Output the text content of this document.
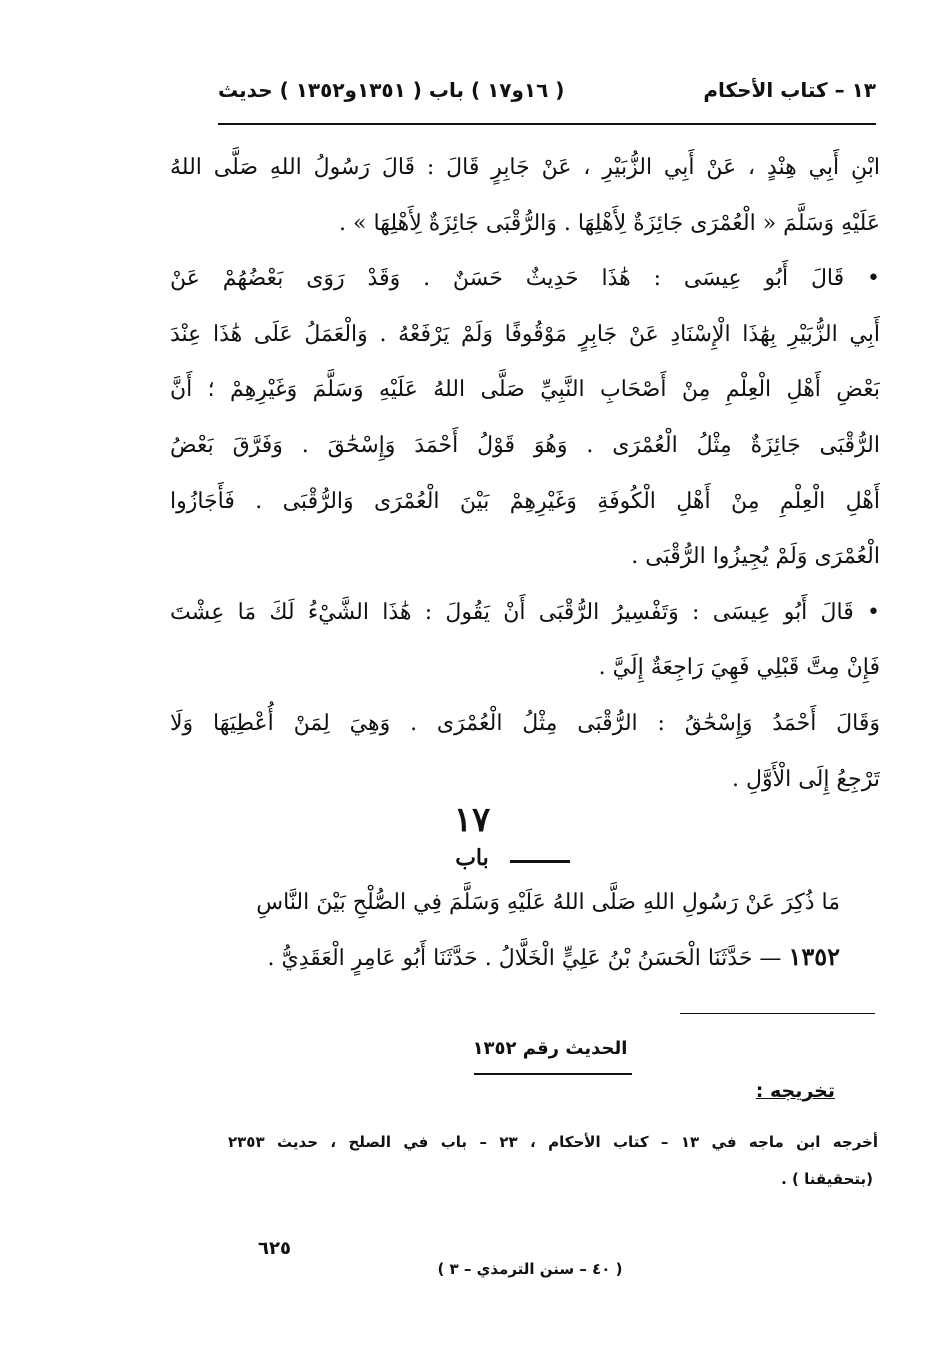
( ١٦و١٧ ) باب ( ١٣٥١و١٣٥٢ ) حديث	١٣ – كتاب الأحكام
ابْنِ أَبِي هِنْدٍ ، عَنْ أَبِي الزُّبَيْرِ ، عَنْ جَابِرٍ قَالَ : قَالَ رَسُولُ اللهِ صَلَّى اللهُ
عَلَيْهِ وَسَلَّمَ « الْعُمْرَى جَائِزَةٌ لِأَهْلِهَا . وَالرُّقْبَى جَائِزَةٌ لِأَهْلِهَا » .
• قَالَ أَبُو عِيسَى : هَٰذَا حَدِيثٌ حَسَنٌ . وَقَدْ رَوَى بَعْضُهُمْ عَنْ
أَبِي الزُّبَيْرِ بِهَٰذَا الْإِسْنَادِ عَنْ جَابِرٍ مَوْقُوفًا وَلَمْ يَرْفَعْهُ . وَالْعَمَلُ عَلَى هَٰذَا عِنْدَ
بَعْضِ أَهْلِ الْعِلْمِ مِنْ أَصْحَابِ النَّبِيِّ صَلَّى اللهُ عَلَيْهِ وَسَلَّمَ وَغَيْرِهِمْ ؛ أَنَّ
الرُّقْبَى جَائِزَةٌ مِثْلُ الْعُمْرَى . وَهُوَ قَوْلُ أَحْمَدَ وَإِسْحَٰقَ . وَفَرَّقَ بَعْضُ
أَهْلِ الْعِلْمِ مِنْ أَهْلِ الْكُوفَةِ وَغَيْرِهِمْ بَيْنَ الْعُمْرَى وَالرُّقْبَى . فَأَجَازُوا
الْعُمْرَى وَلَمْ يُجِيزُوا الرُّقْبَى .
• قَالَ أَبُو عِيسَى : وَتَفْسِيرُ الرُّقْبَى أَنْ يَقُولَ : هَٰذَا الشَّيْءُ لَكَ مَا عِشْتَ
فَإِنْ مِتَّ قَبْلِي فَهِيَ رَاجِعَةٌ إِلَيَّ .
وَقَالَ أَحْمَدُ وَإِسْحَٰقُ : الرُّقْبَى مِثْلُ الْعُمْرَى . وَهِيَ لِمَنْ أُعْطِيَهَا وَلَا
تَرْجِعُ إِلَى الْأَوَّلِ .
١٧
باب
مَا ذُكِرَ عَنْ رَسُولِ اللهِ صَلَّى اللهُ عَلَيْهِ وَسَلَّمَ فِي الصُّلْحِ بَيْنَ النَّاسِ
١٣٥٢ — حَدَّثَنَا الْحَسَنُ بْنُ عَلِيٍّ الْخَلَّالُ . حَدَّثَنَا أَبُو عَامِرٍ الْعَقَدِيُّ .
الحديث رقم ١٣٥٢
تخريجه :
أخرجه ابن ماجه في ١٣ – كتاب الأحكام ، ٢٣ – باب في الصلح ، حديث ٢٣٥٣
(بتحقيقنا ) .
٦٢٥
( ٤٠ – سنن الترمذي – ٣ )
